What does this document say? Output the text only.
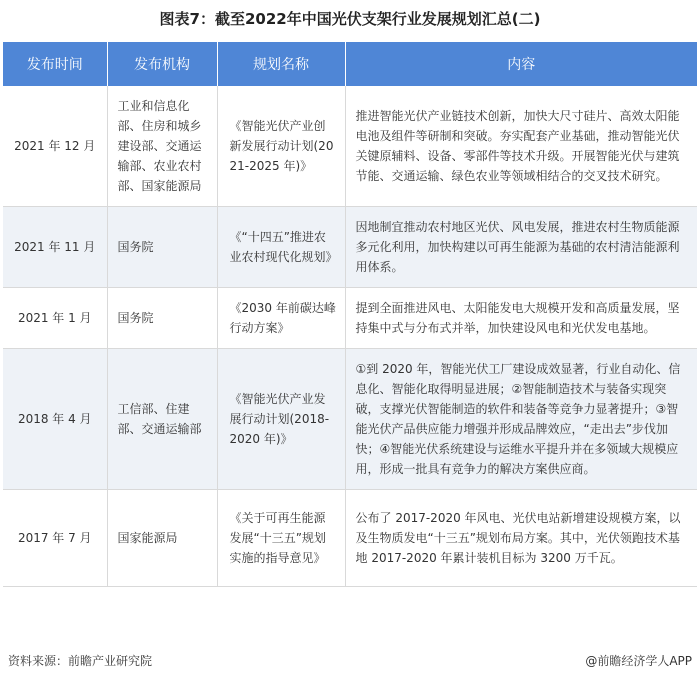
图表7：截至2022年中国光伏支架行业发展规划汇总(二)
发布时间	发布机构	规划名称	内容
2021 年 12 月	工业和信息化部、住房和城乡建设部、交通运输部、农业农村部、国家能源局	《智能光伏产业创新发展行动计划(2021-2025 年)》	推进智能光伏产业链技术创新，加快大尺寸硅片、高效太阳能电池及组件等研制和突破。夯实配套产业基础，推动智能光伏关键原辅料、设备、零部件等技术升级。开展智能光伏与建筑节能、交通运输、绿色农业等领域相结合的交叉技术研究。
2021 年 11 月	国务院	《“十四五”推进农业农村现代化规划》	因地制宜推动农村地区光伏、风电发展，推进农村生物质能源多元化利用，加快构建以可再生能源为基础的农村清洁能源利用体系。
2021 年 1 月	国务院	《2030 年前碳达峰行动方案》	提到全面推进风电、太阳能发电大规模开发和高质量发展，坚持集中式与分布式并举，加快建设风电和光伏发电基地。
2018 年 4 月	工信部、住建部、交通运输部	《智能光伏产业发展行动计划(2018-2020 年)》	①到 2020 年，智能光伏工厂建设成效显著，行业自动化、信息化、智能化取得明显进展；②智能制造技术与装备实现突破，支撑光伏智能制造的软件和装备等竞争力显著提升；③智能光伏产品供应能力增强并形成品牌效应，“走出去”步伐加快；④智能光伏系统建设与运维水平提升并在多领域大规模应用，形成一批具有竞争力的解决方案供应商。
2017 年 7 月	国家能源局	《关于可再生能源发展“十三五”规划实施的指导意见》	公布了 2017-2020 年风电、光伏电站新增建设规模方案，以及生物质发电“十三五”规划布局方案。其中，光伏领跑技术基地 2017-2020 年累计装机目标为 3200 万千瓦。
资料来源：前瞻产业研究院	@前瞻经济学人APP
